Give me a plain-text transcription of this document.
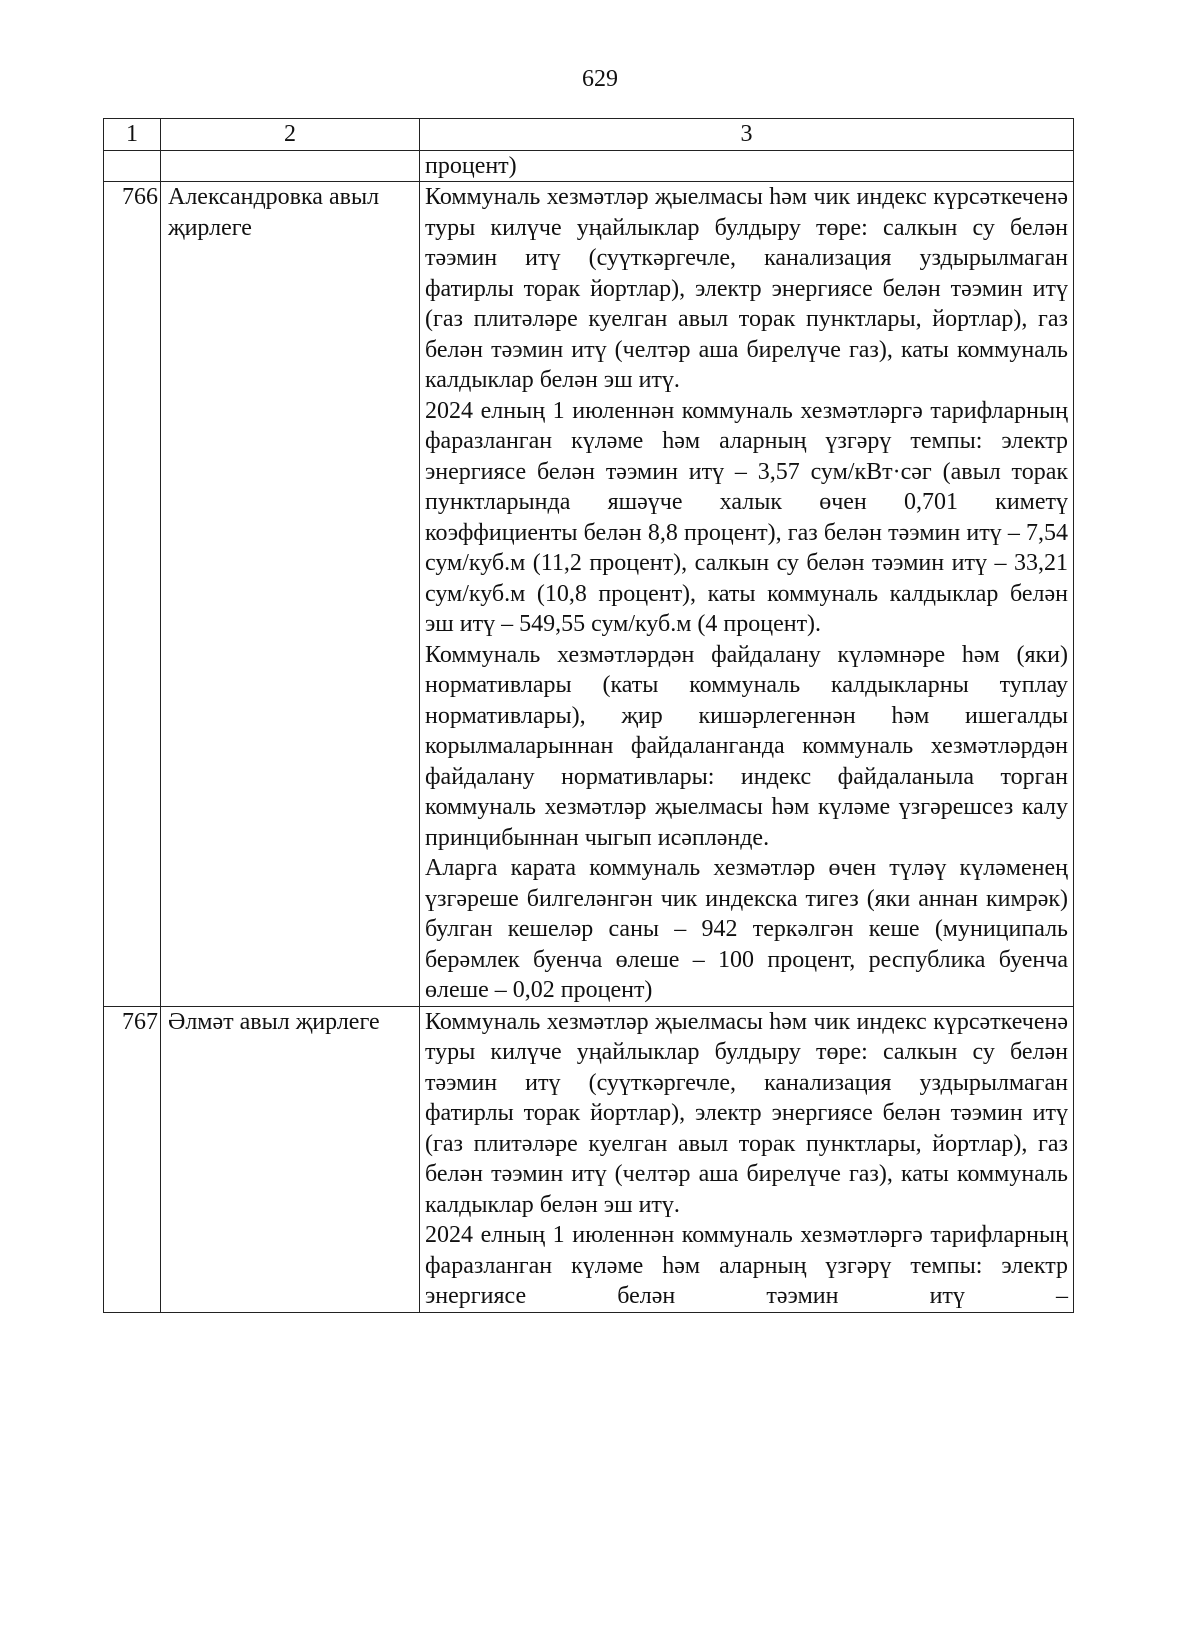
629
1	2	3
		процент)
766	Александровка авыл җирлеге	Коммуналь хезмәтләр җыелмасы һәм чик индекс күрсәткеченә туры килүче уңайлыклар булдыру төре: салкын су белән тәэмин итү (суүткәргечле, канализация уздырылмаган фатирлы торак йортлар), электр энергиясе белән тәэмин итү (газ плитәләре куелган авыл торак пунктлары, йортлар), газ белән тәэмин итү (челтәр аша бирелүче газ), каты коммуналь калдыклар белән эш итү.

2024 елның 1 июленнән коммуналь хезмәтләргә тарифларның фаразланган күләме һәм аларның үзгәрү темпы: электр энергиясе белән тәэмин итү – 3,57 сум/кВт·сәг (авыл торак пунктларында яшәүче халык өчен 0,701 киметү коэффициенты белән 8,8 процент), газ белән тәэмин итү – 7,54 сум/куб.м (11,2 процент), салкын су белән тәэмин итү – 33,21 сум/куб.м (10,8 процент), каты коммуналь калдыклар белән эш итү – 549,55 сум/куб.м (4 процент).

Коммуналь хезмәтләрдән файдалану күләмнәре һәм (яки) нормативлары (каты коммуналь калдыкларны туплау нормативлары), җир кишәрлегеннән һәм ишегалды корылмаларыннан файдаланганда коммуналь хезмәтләрдән файдалану нормативлары: индекс файдаланыла торган коммуналь хезмәтләр җыелмасы һәм күләме үзгәрешсез калу принцибыннан чыгып исәпләнде.

Аларга карата коммуналь хезмәтләр өчен түләү күләменең үзгәреше билгеләнгән чик индекска тигез (яки аннан кимрәк) булган кешеләр саны – 942 теркәлгән кеше (муниципаль берәмлек буенча өлеше – 100 процент, республика буенча өлеше – 0,02 процент)

767	Әлмәт авыл җирлеге	Коммуналь хезмәтләр җыелмасы һәм чик индекс күрсәткеченә туры килүче уңайлыклар булдыру төре: салкын су белән тәэмин итү (суүткәргечле, канализация уздырылмаган фатирлы торак йортлар), электр энергиясе белән тәэмин итү (газ плитәләре куелган авыл торак пунктлары, йортлар), газ белән тәэмин итү (челтәр аша бирелүче газ), каты коммуналь калдыклар белән эш итү.

2024 елның 1 июленнән коммуналь хезмәтләргә тарифларның фаразланган күләме һәм аларның үзгәрү темпы: электр энергиясе белән тәэмин итү –
